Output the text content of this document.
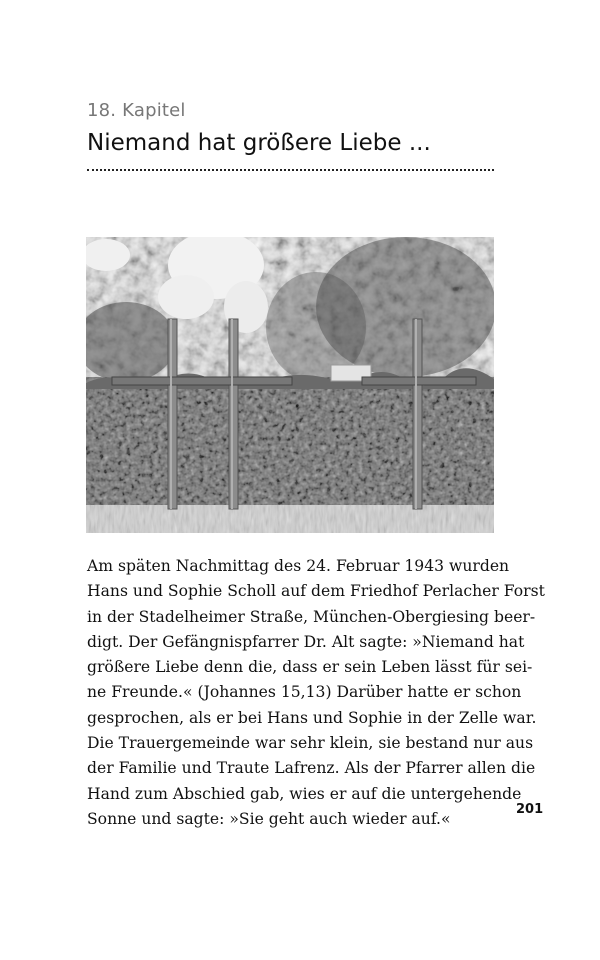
18. Kapitel
Niemand hat größere Liebe ...
Am späten Nachmittag des 24. Februar 1943 wurden
Hans und Sophie Scholl auf dem Friedhof Perlacher Forst
in der Stadelheimer Straße, München-Obergiesing beer-
digt. Der Gefängnispfarrer Dr. Alt sagte: »Niemand hat
größere Liebe denn die, dass er sein Leben lässt für sei-
ne Freunde.« (Johannes 15,13) Darüber hatte er schon
gesprochen, als er bei Hans und Sophie in der Zelle war.
Die Trauergemeinde war sehr klein, sie bestand nur aus
der Familie und Traute Lafrenz. Als der Pfarrer allen die
Hand zum Abschied gab, wies er auf die untergehende
Sonne und sagte: »Sie geht auch wieder auf.«
201
